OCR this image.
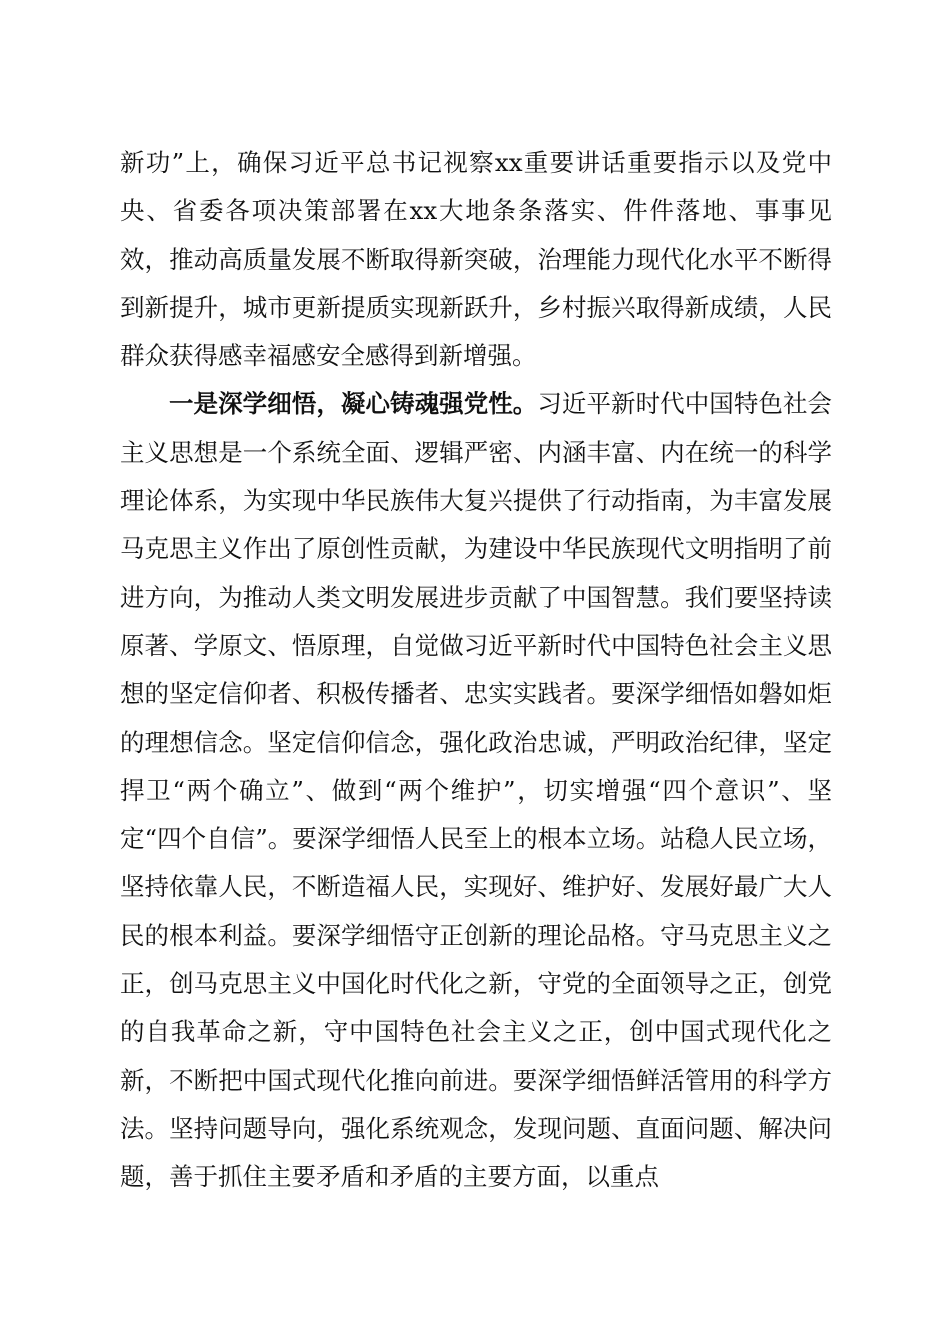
新功”上，确保习近平总书记视察xx重要讲话重要指示以及党中央、省委各项决策部署在xx大地条条落实、件件落地、事事见效，推动高质量发展不断取得新突破，治理能力现代化水平不断得到新提升，城市更新提质实现新跃升，乡村振兴取得新成绩，人民群众获得感幸福感安全感得到新增强。

一是深学细悟，凝心铸魂强党性。习近平新时代中国特色社会主义思想是一个系统全面、逻辑严密、内涵丰富、内在统一的科学理论体系，为实现中华民族伟大复兴提供了行动指南，为丰富发展马克思主义作出了原创性贡献，为建设中华民族现代文明指明了前进方向，为推动人类文明发展进步贡献了中国智慧。我们要坚持读原著、学原文、悟原理，自觉做习近平新时代中国特色社会主义思想的坚定信仰者、积极传播者、忠实实践者。要深学细悟如磐如炬的理想信念。坚定信仰信念，强化政治忠诚，严明政治纪律，坚定捍卫“两个确立”、做到“两个维护”，切实增强“四个意识”、坚定“四个自信”。要深学细悟人民至上的根本立场。站稳人民立场，坚持依靠人民，不断造福人民，实现好、维护好、发展好最广大人民的根本利益。要深学细悟守正创新的理论品格。守马克思主义之正，创马克思主义中国化时代化之新，守党的全面领导之正，创党的自我革命之新，守中国特色社会主义之正，创中国式现代化之新，不断把中国式现代化推向前进。要深学细悟鲜活管用的科学方法。坚持问题导向，强化系统观念，发现问题、直面问题、解决问题，善于抓住主要矛盾和矛盾的主要方面，以重点
